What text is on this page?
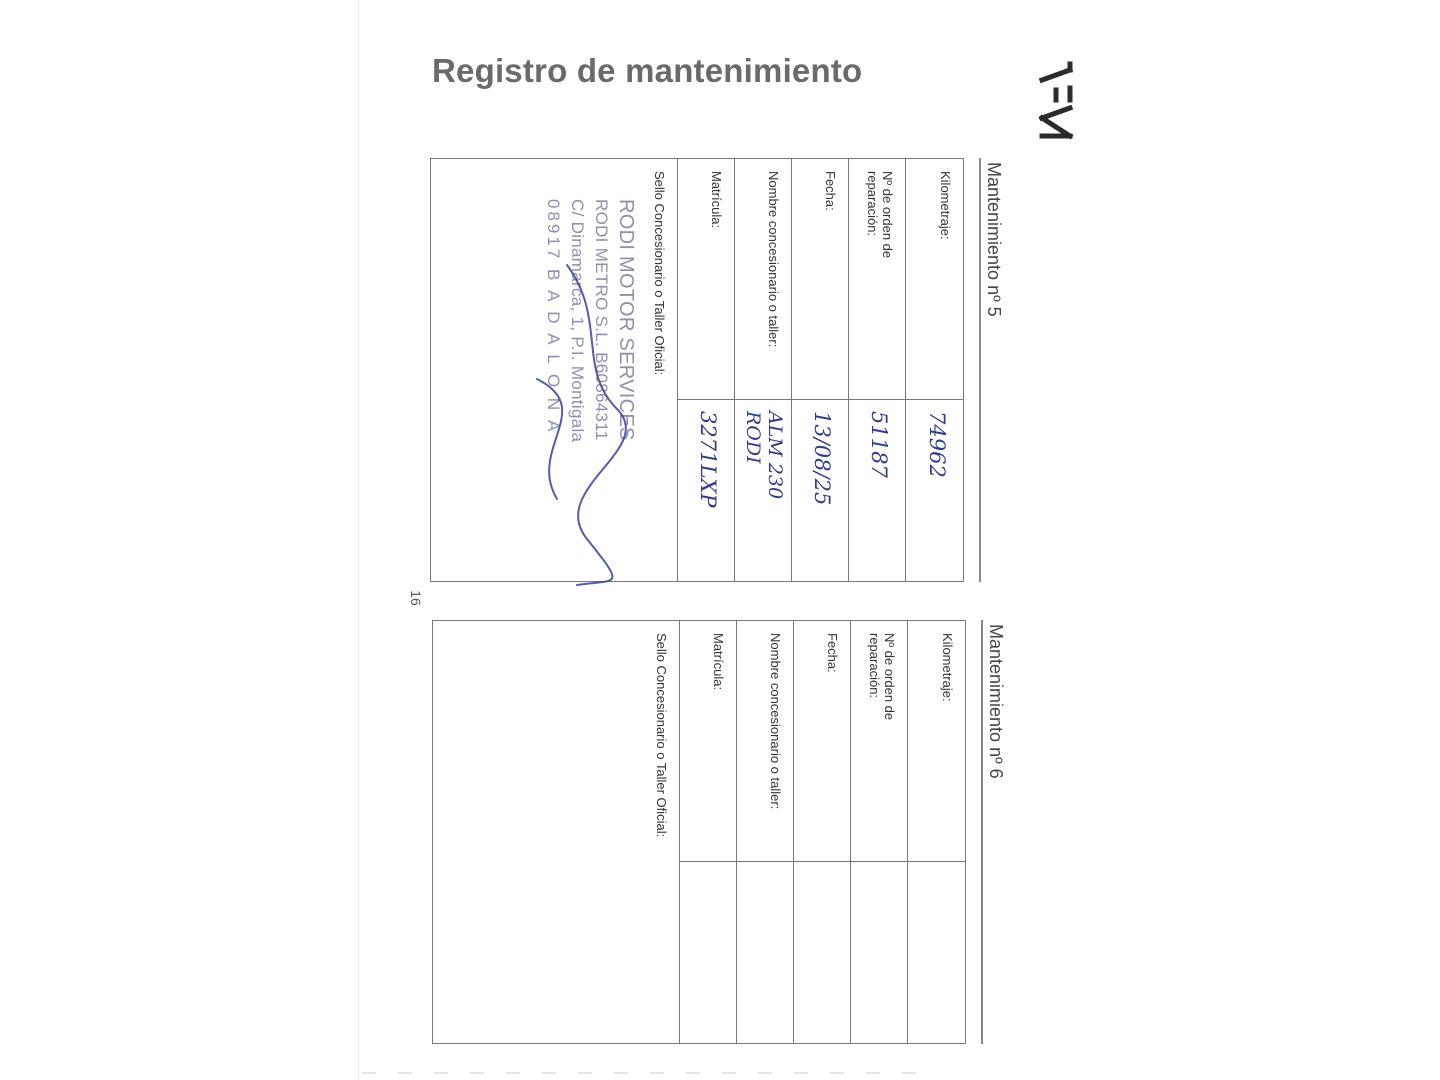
Registro de mantenimiento
16
Mantenimiento nº 5
Kilometraje:
74962
Nº de orden de
reparación:
51187
Fecha:
13/08/25
Nombre concesionario o taller:
ALM 230
RODI
Matrícula:
3271LXP
Sello Concesionario o Taller Oficial:
RODI MOTOR SERVICES
RODI METRO S.L. B60864311
C/ Dinamarca, 1, P.I. Montigala
08917 B A D A L O N A
Mantenimiento nº 6
Kilometraje:
Nº de orden de
reparación:
Fecha:
Nombre concesionario o taller:
Matrícula:
Sello Concesionario o Taller Oficial:
